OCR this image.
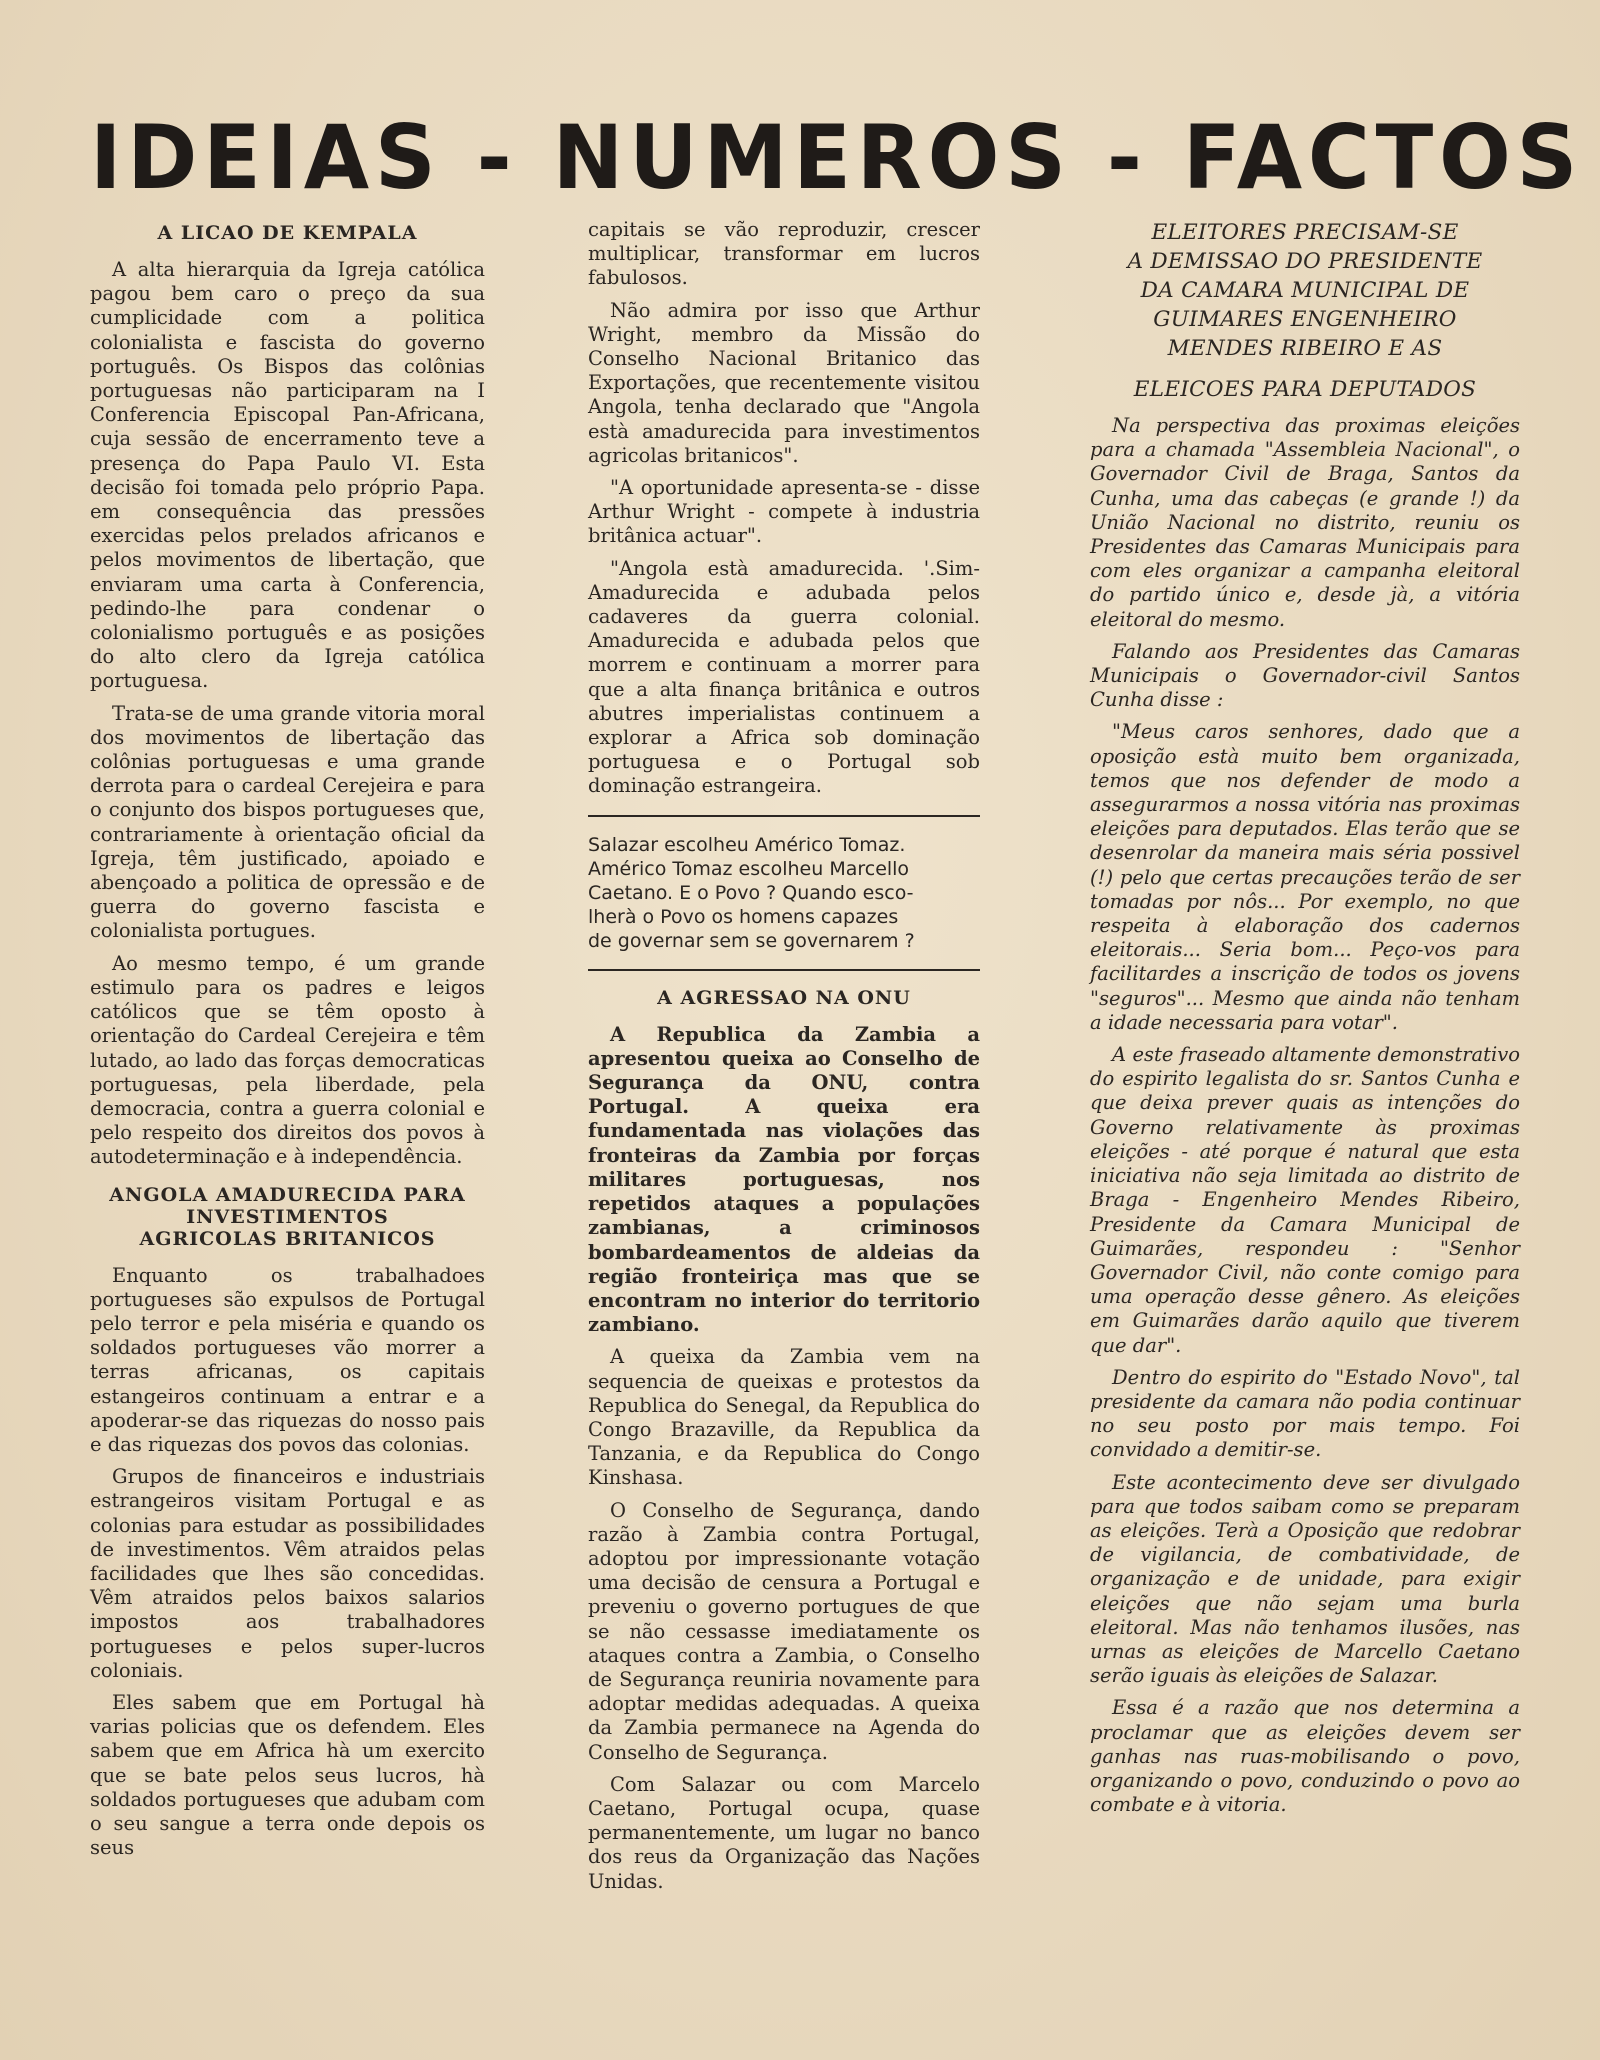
IDEIAS - NUMEROS - FACTOS
A LICAO DE KEMPALA

A alta hierarquia da Igreja católica pagou bem caro o preço da sua cumplicidade com a politica colonialista e fascista do governo português. Os Bispos das colônias portuguesas não participaram na I Conferencia Episcopal Pan-Africana, cuja sessão de encerramento teve a presença do Papa Paulo VI. Esta decisão foi tomada pelo próprio Papa. em consequência das pressões exercidas pelos prelados africanos e pelos movimentos de libertação, que enviaram uma carta à Conferencia, pedindo-lhe para condenar o colonialismo português e as posições do alto clero da Igreja católica portuguesa.

Trata-se de uma grande vitoria moral dos movimentos de libertação das colônias portuguesas e uma grande derrota para o cardeal Cerejeira e para o conjunto dos bispos portugueses que, contrariamente à orientação oficial da Igreja, têm justificado, apoiado e abençoado a politica de opressão e de guerra do governo fascista e colonialista portugues.

Ao mesmo tempo, é um grande estimulo para os padres e leigos católicos que se têm oposto à orientação do Cardeal Cerejeira e têm lutado, ao lado das forças democraticas portuguesas, pela liberdade, pela democracia, contra a guerra colonial e pelo respeito dos direitos dos povos à autodeterminação e à independência.

ANGOLA AMADURECIDA PARA
INVESTIMENTOS
AGRICOLAS BRITANICOS

Enquanto os trabalhadoes portugueses são expulsos de Portugal pelo terror e pela miséria e quando os soldados portugueses vão morrer a terras africanas, os capitais estangeiros continuam a entrar e a apoderar-se das riquezas do nosso pais e das riquezas dos povos das colonias.

Grupos de financeiros e industriais estrangeiros visitam Portugal e as colonias para estudar as possibilidades de investimentos. Vêm atraidos pelas facilidades que lhes são concedidas. Vêm atraidos pelos baixos salarios impostos aos trabalhadores portugueses e pelos super-lucros coloniais.

Eles sabem que em Portugal hà varias policias que os defendem. Eles sabem que em Africa hà um exercito que se bate pelos seus lucros, hà soldados portugueses que adubam com o seu sangue a terra onde depois os seus

capitais se vão reproduzir, crescer multiplicar, transformar em lucros fabulosos.

Não admira por isso que Arthur Wright, membro da Missão do Conselho Nacional Britanico das Exportações, que recentemente visitou Angola, tenha declarado que "Angola està amadurecida para investimentos agricolas britanicos".

"A oportunidade apresenta-se - disse Arthur Wright - compete à industria britânica actuar".

"Angola està amadurecida. '.Sim-Amadurecida e adubada pelos cadaveres da guerra colonial. Amadurecida e adubada pelos que morrem e continuam a morrer para que a alta finança britânica e outros abutres imperialistas continuem a explorar a Africa sob dominação portuguesa e o Portugal sob dominação estrangeira.

Salazar escolheu Américo Tomaz.
Américo Tomaz escolheu Marcello
Caetano. E o Povo ? Quando esco-
lherà o Povo os homens capazes
de governar sem se governarem ?
A AGRESSAO NA ONU

A Republica da Zambia a apresentou queixa ao Conselho de Segurança da ONU, contra Portugal. A queixa era fundamentada nas violações das fronteiras da Zambia por forças militares portuguesas, nos repetidos ataques a populações zambianas, a criminosos bombardeamentos de aldeias da região fronteiriça mas que se encontram no interior do territorio zambiano.

A queixa da Zambia vem na sequencia de queixas e protestos da Republica do Senegal, da Republica do Congo Brazaville, da Republica da Tanzania, e da Republica do Congo Kinshasa.

O Conselho de Segurança, dando razão à Zambia contra Portugal, adoptou por impressionante votação uma decisão de censura a Portugal e preveniu o governo portugues de que se não cessasse imediatamente os ataques contra a Zambia, o Conselho de Segurança reuniria novamente para adoptar medidas adequadas. A queixa da Zambia permanece na Agenda do Conselho de Segurança.

Com Salazar ou com Marcelo Caetano, Portugal ocupa, quase permanentemente, um lugar no banco dos reus da Organização das Nações Unidas.

ELEITORES PRECISAM-SE
A DEMISSAO DO PRESIDENTE
DA CAMARA MUNICIPAL DE
GUIMARES ENGENHEIRO
MENDES RIBEIRO E AS
ELEICOES PARA DEPUTADOS

Na perspectiva das proximas eleições para a chamada "Assembleia Nacional", o Governador Civil de Braga, Santos da Cunha, uma das cabeças (e grande !) da União Nacional no distrito, reuniu os Presidentes das Camaras Municipais para com eles organizar a campanha eleitoral do partido único e, desde jà, a vitória eleitoral do mesmo.

Falando aos Presidentes das Camaras Municipais o Governador-civil Santos Cunha disse :

"Meus caros senhores, dado que a oposição està muito bem organizada, temos que nos defender de modo a assegurarmos a nossa vitória nas proximas eleições para deputados. Elas terão que se desenrolar da maneira mais séria possivel (!) pelo que certas precauções terão de ser tomadas por nôs... Por exemplo, no que respeita à elaboração dos cadernos eleitorais... Seria bom... Peço-vos para facilitardes a inscrição de todos os jovens "seguros"... Mesmo que ainda não tenham a idade necessaria para votar".

A este fraseado altamente demonstrativo do espirito legalista do sr. Santos Cunha e que deixa prever quais as intenções do Governo relativamente às proximas eleições - até porque é natural que esta iniciativa não seja limitada ao distrito de Braga - Engenheiro Mendes Ribeiro, Presidente da Camara Municipal de Guimarães, respondeu : "Senhor Governador Civil, não conte comigo para uma operação desse gênero. As eleições em Guimarães darão aquilo que tiverem que dar".

Dentro do espirito do "Estado Novo", tal presidente da camara não podia continuar no seu posto por mais tempo. Foi convidado a demitir-se.

Este acontecimento deve ser divulgado para que todos saibam como se preparam as eleições. Terà a Oposição que redobrar de vigilancia, de combatividade, de organização e de unidade, para exigir eleições que não sejam uma burla eleitoral. Mas não tenhamos ilusões, nas urnas as eleições de Marcello Caetano serão iguais às eleições de Salazar.

Essa é a razão que nos determina a proclamar que as eleições devem ser ganhas nas ruas-mobilisando o povo, organizando o povo, conduzindo o povo ao combate e à vitoria.
